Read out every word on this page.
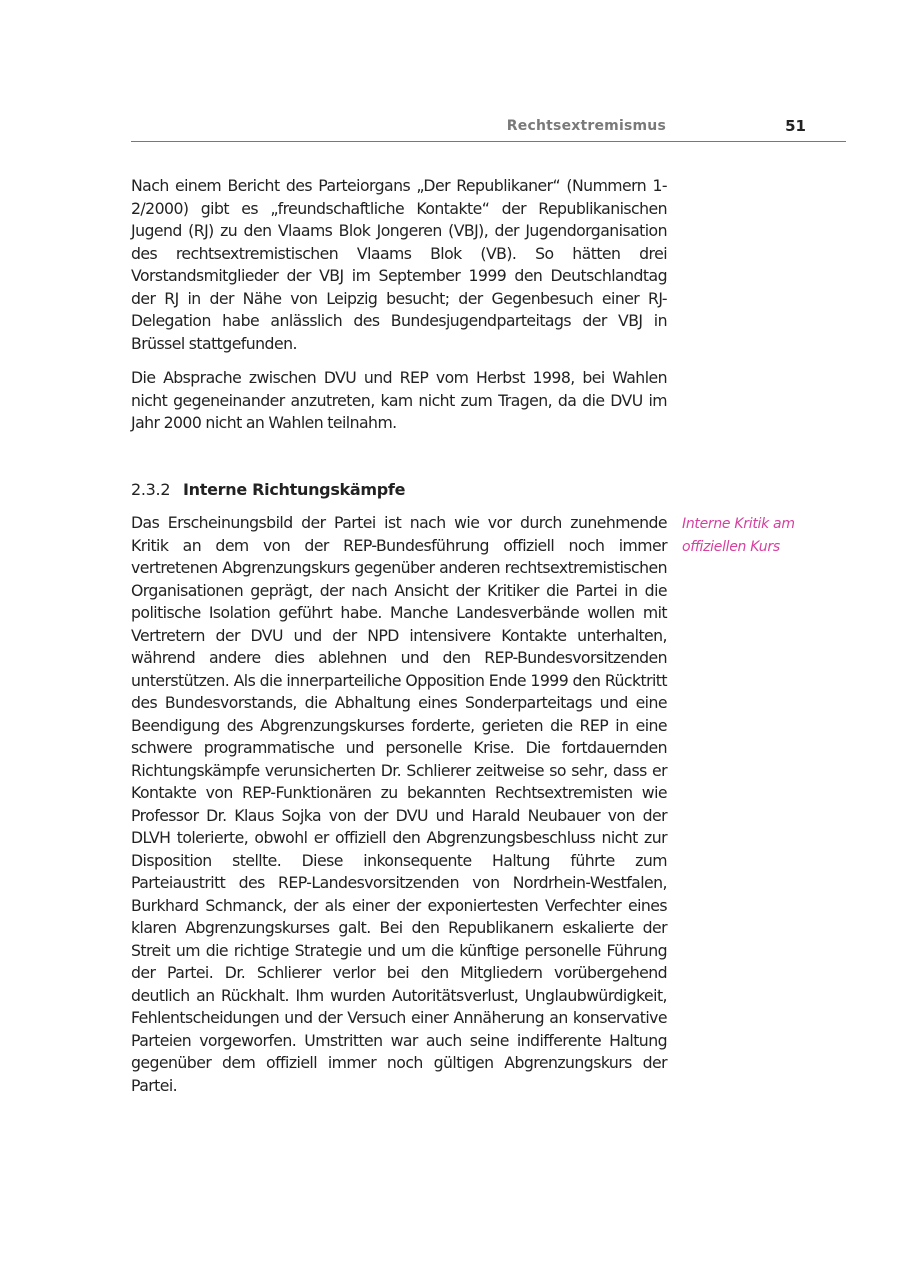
Rechtsextremismus	51

Nach einem Bericht des Parteiorgans „Der Republikaner“ (Nummern 1-2/2000) gibt es „freundschaftliche Kontakte“ der Republikanischen Jugend (RJ) zu den Vlaams Blok Jongeren (VBJ), der Jugendorganisation des rechtsextremistischen Vlaams Blok (VB). So hätten drei Vorstandsmitglieder der VBJ im September 1999 den Deutschlandtag der RJ in der Nähe von Leipzig besucht; der Gegenbesuch einer RJ-Delegation habe anlässlich des Bundesjugendparteitags der VBJ in Brüssel stattgefunden.

Die Absprache zwischen DVU und REP vom Herbst 1998, bei Wahlen nicht gegeneinander anzutreten, kam nicht zum Tragen, da die DVU im Jahr 2000 nicht an Wahlen teilnahm.

2.3.2 Interne Richtungskämpfe

Das Erscheinungsbild der Partei ist nach wie vor durch zunehmende Kritik an dem von der REP-Bundesführung offiziell noch immer vertretenen Abgrenzungskurs gegenüber anderen rechtsextremistischen Organisationen geprägt, der nach Ansicht der Kritiker die Partei in die politische Isolation geführt habe. Manche Landesverbände wollen mit Vertretern der DVU und der NPD intensivere Kontakte unterhalten, während andere dies ablehnen und den REP-Bundesvorsitzenden unterstützen. Als die innerparteiliche Opposition Ende 1999 den Rücktritt des Bundesvorstands, die Abhaltung eines Sonderparteitags und eine Beendigung des Abgrenzungskurses forderte, gerieten die REP in eine schwere programmatische und personelle Krise. Die fortdauernden Richtungskämpfe verunsicherten Dr. Schlierer zeitweise so sehr, dass er Kontakte von REP-Funktionären zu bekannten Rechtsextremisten wie Professor Dr. Klaus Sojka von der DVU und Harald Neubauer von der DLVH tolerierte, obwohl er offiziell den Abgrenzungsbeschluss nicht zur Disposition stellte. Diese inkonsequente Haltung führte zum Parteiaustritt des REP-Landesvorsitzenden von Nordrhein-Westfalen, Burkhard Schmanck, der als einer der exponiertesten Verfechter eines klaren Abgrenzungskurses galt. Bei den Republikanern eskalierte der Streit um die richtige Strategie und um die künftige personelle Führung der Partei. Dr. Schlierer verlor bei den Mitgliedern vorübergehend deutlich an Rückhalt. Ihm wurden Autoritätsverlust, Unglaubwürdigkeit, Fehlentscheidungen und der Versuch einer Annäherung an konservative Parteien vorgeworfen. Umstritten war auch seine indifferente Haltung gegenüber dem offiziell immer noch gültigen Abgrenzungskurs der Partei.

Interne Kritik am offiziellen Kurs
